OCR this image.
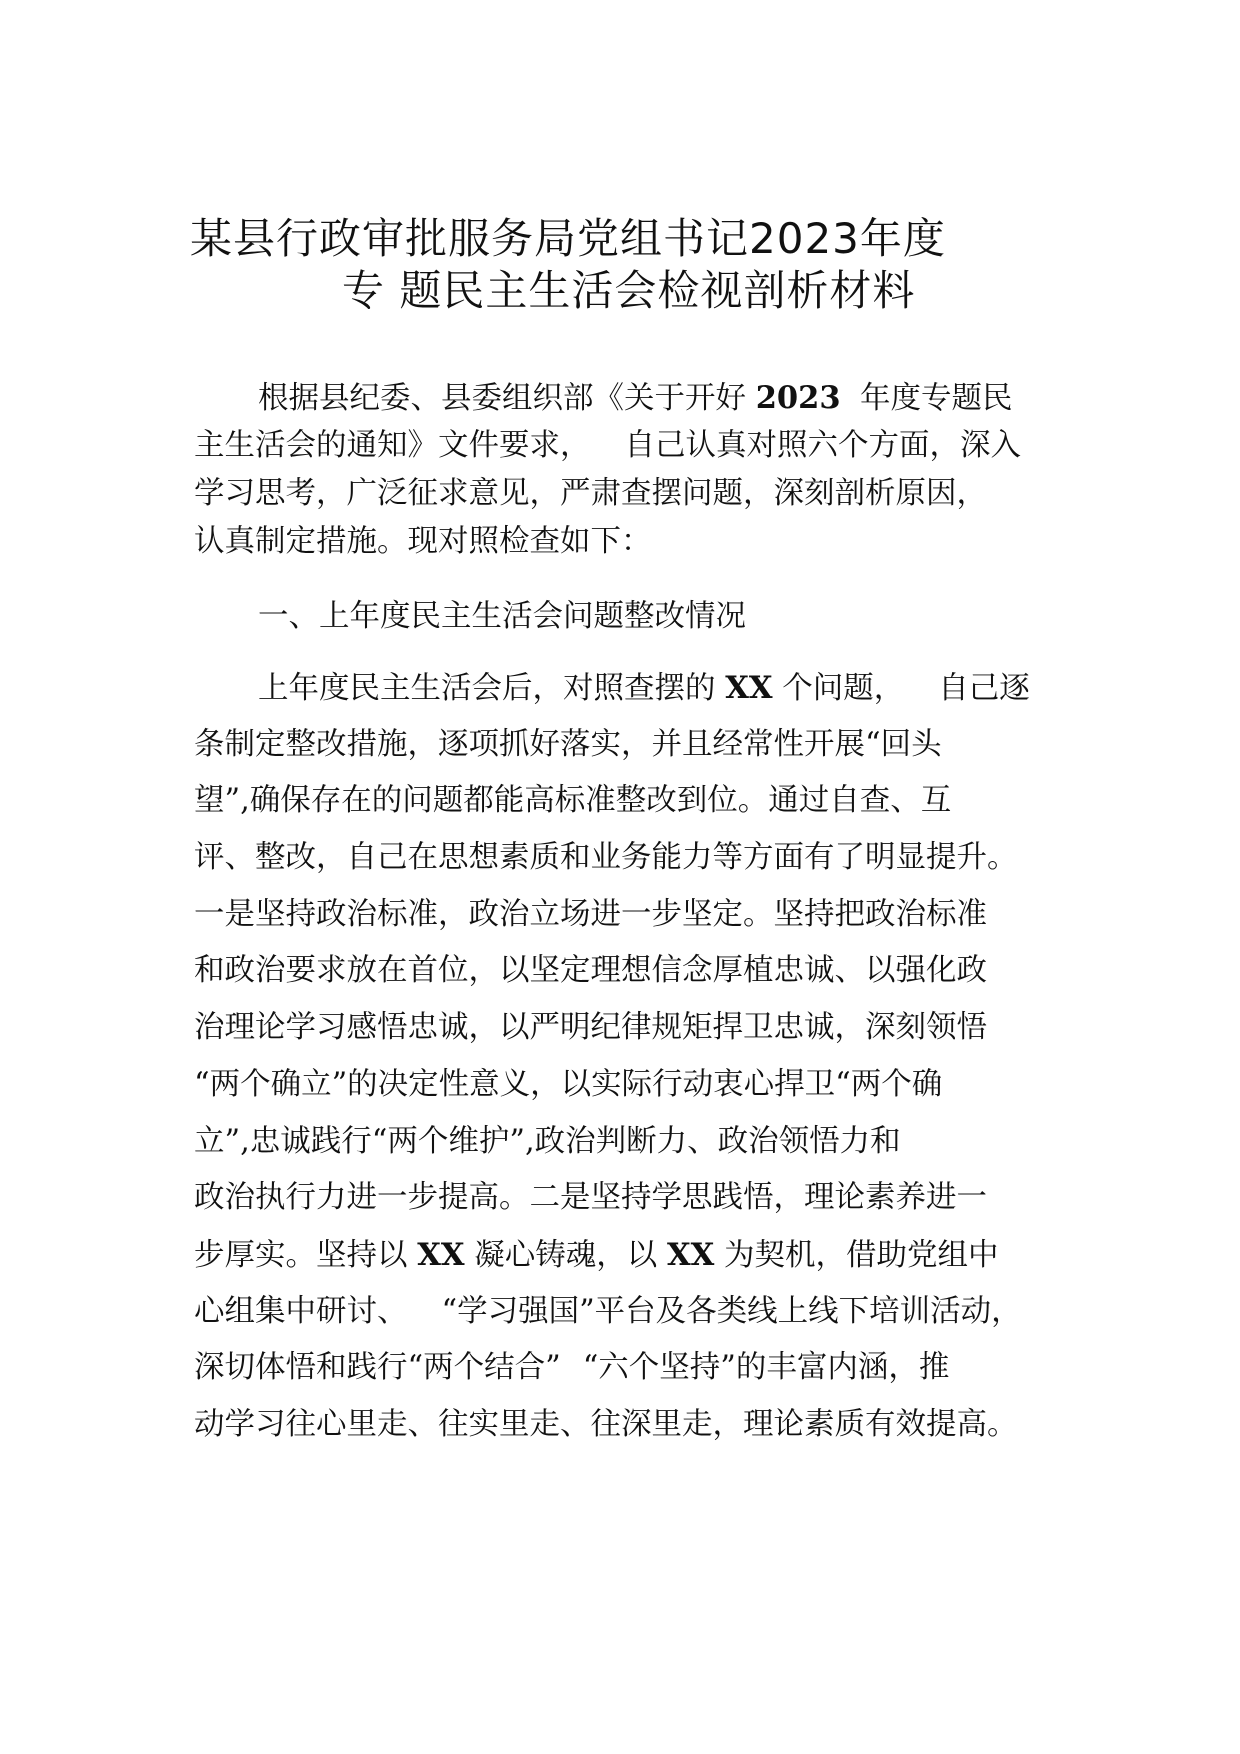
某县行政审批服务局党组书记2023年度
专 题民主生活会检视剖析材料
根据县纪委、县委组织部《关于开好 2023 年度专题民
主生活会的通知》文件要求， 自己认真对照六个方面，深入
学习思考，广泛征求意见，严肃查摆问题，深刻剖析原因，
认真制定措施。现对照检查如下：
一、上年度民主生活会问题整改情况
上年度民主生活会后，对照查摆的 XX 个问题， 自己逐
条制定整改措施，逐项抓好落实，并且经常性开展“回头
望”,确保存在的问题都能高标准整改到位。通过自查、互
评、整改，自己在思想素质和业务能力等方面有了明显提升。
一是坚持政治标准，政治立场进一步坚定。坚持把政治标准
和政治要求放在首位，以坚定理想信念厚植忠诚、以强化政
治理论学习感悟忠诚，以严明纪律规矩捍卫忠诚，深刻领悟
“两个确立”的决定性意义，以实际行动衷心捍卫“两个确
立”,忠诚践行“两个维护”,政治判断力、政治领悟力和
政治执行力进一步提高。二是坚持学思践悟，理论素养进一
步厚实。坚持以 XX 凝心铸魂，以 XX 为契机，借助党组中
心组集中研讨、 “学习强国”平台及各类线上线下培训活动，
深切体悟和践行“两个结合” “六个坚持”的丰富内涵，推
动学习往心里走、往实里走、往深里走，理论素质有效提高。
